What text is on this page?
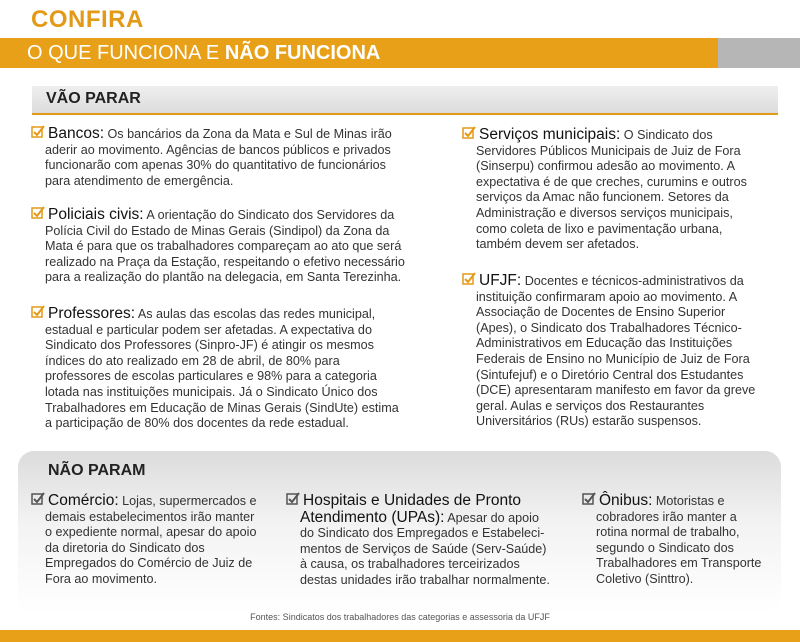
CONFIRA
O QUE FUNCIONA E NÃO FUNCIONA
VÃO PARAR
Bancos: Os bancários da Zona da Mata e Sul de Minas irão
aderir ao movimento. Agências de bancos públicos e privados
funcionarão com apenas 30% do quantitativo de funcionários
para atendimento de emergência.
Policiais civis: A orientação do Sindicato dos Servidores da
Polícia Civil do Estado de Minas Gerais (Sindipol) da Zona da
Mata é para que os trabalhadores compareçam ao ato que será
realizado na Praça da Estação, respeitando o efetivo necessário
para a realização do plantão na delegacia, em Santa Terezinha.
Professores: As aulas das escolas das redes municipal,
estadual e particular podem ser afetadas. A expectativa do
Sindicato dos Professores (Sinpro-JF) é atingir os mesmos
índices do ato realizado em 28 de abril, de 80% para
professores de escolas particulares e 98% para a categoria
lotada nas instituições municipais. Já o Sindicato Único dos
Trabalhadores em Educação de Minas Gerais (SindUte) estima
a participação de 80% dos docentes da rede estadual.
Serviços municipais: O Sindicato dos
Servidores Públicos Municipais de Juiz de Fora
(Sinserpu) confirmou adesão ao movimento. A
expectativa é de que creches, curumins e outros
serviços da Amac não funcionem. Setores da
Administração e diversos serviços municipais,
como coleta de lixo e pavimentação urbana,
também devem ser afetados.
UFJF: Docentes e técnicos-administrativos da
instituição confirmaram apoio ao movimento. A
Associação de Docentes de Ensino Superior
(Apes), o Sindicato dos Trabalhadores Técnico-
Administrativos em Educação das Instituições
Federais de Ensino no Município de Juiz de Fora
(Sintufejuf) e o Diretório Central dos Estudantes
(DCE) apresentaram manifesto em favor da greve
geral. Aulas e serviços dos Restaurantes
Universitários (RUs) estarão suspensos.
NÃO PARAM
Comércio: Lojas, supermercados e
demais estabelecimentos irão manter
o expediente normal, apesar do apoio
da diretoria do Sindicato dos
Empregados do Comércio de Juiz de
Fora ao movimento.
Hospitais e Unidades de Pronto
Atendimento (UPAs): Apesar do apoio
do Sindicato dos Empregados e Estabeleci-
mentos de Serviços de Saúde (Serv-Saúde)
à causa, os trabalhadores terceirizados
destas unidades irão trabalhar normalmente.
Ônibus: Motoristas e
cobradores irão manter a
rotina normal de trabalho,
segundo o Sindicato dos
Trabalhadores em Transporte
Coletivo (Sinttro).
Fontes: Sindicatos dos trabalhadores das categorias e assessoria da UFJF
